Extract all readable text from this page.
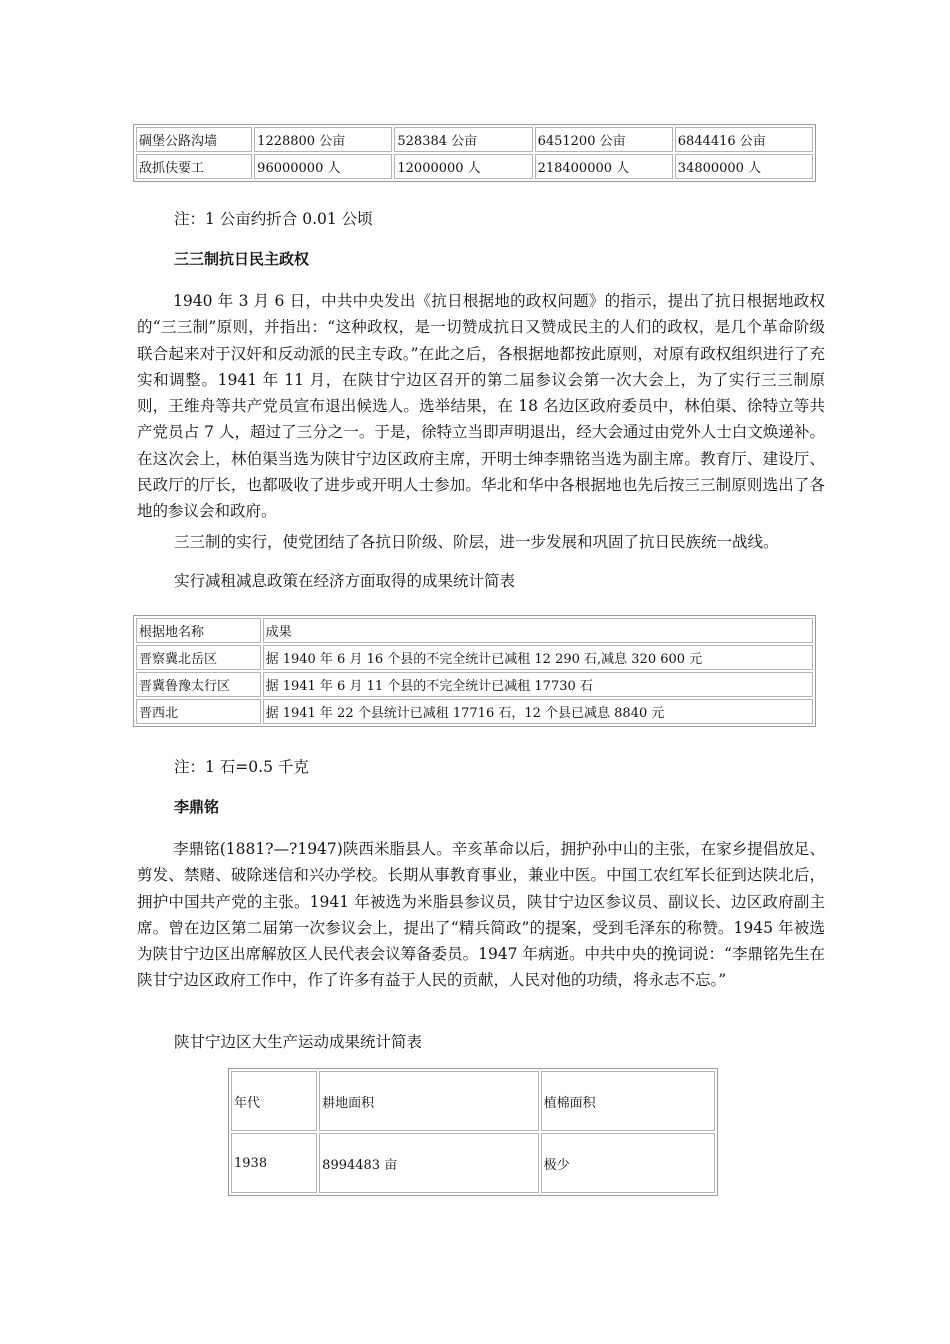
碉堡公路沟墙	1228800 公亩	528384 公亩	6451200 公亩	6844416 公亩
敌抓伕要工	96000000 人	12000000 人	218400000 人	34800000 人
注：1 公亩约折合 0.01 公顷
三三制抗日民主政权

1940 年 3 月 6 日，中共中央发出《抗日根据地的政权问题》的指示，提出了抗日根据地政权的“三三制”原则，并指出：“这种政权，是一切赞成抗日又赞成民主的人们的政权，是几个革命阶级联合起来对于汉奸和反动派的民主专政。”在此之后，各根据地都按此原则，对原有政权组织进行了充实和调整。1941 年 11 月，在陕甘宁边区召开的第二届参议会第一次大会上，为了实行三三制原则，王维舟等共产党员宣布退出候选人。选举结果，在 18 名边区政府委员中，林伯渠、徐特立等共产党员占 7 人，超过了三分之一。于是，徐特立当即声明退出，经大会通过由党外人士白文焕递补。在这次会上，林伯渠当选为陕甘宁边区政府主席，开明士绅李鼎铭当选为副主席。教育厅、建设厅、民政厅的厅长，也都吸收了进步或开明人士参加。华北和华中各根据地也先后按三三制原则选出了各地的参议会和政府。

三三制的实行，使党团结了各抗日阶级、阶层，进一步发展和巩固了抗日民族统一战线。
实行减租减息政策在经济方面取得的成果统计简表
根据地名称	成果
晋察冀北岳区	据 1940 年 6 月 16 个县的不完全统计已减租 12 290 石,减息 320 600 元
晋冀鲁豫太行区	据 1941 年 6 月 11 个县的不完全统计已减租 17730 石
晋西北	据 1941 年 22 个县统计已减租 17716 石，12 个县已减息 8840 元
注：1 石=0.5 千克
李鼎铭

李鼎铭(1881?—?1947)陕西米脂县人。辛亥革命以后，拥护孙中山的主张，在家乡提倡放足、剪发、禁赌、破除迷信和兴办学校。长期从事教育事业，兼业中医。中国工农红军长征到达陕北后，拥护中国共产党的主张。1941 年被选为米脂县参议员，陕甘宁边区参议员、副议长、边区政府副主席。曾在边区第二届第一次参议会上，提出了“精兵简政”的提案，受到毛泽东的称赞。1945 年被选为陕甘宁边区出席解放区人民代表会议筹备委员。1947 年病逝。中共中央的挽词说：“李鼎铭先生在陕甘宁边区政府工作中，作了许多有益于人民的贡献，人民对他的功绩，将永志不忘。”

陕甘宁边区大生产运动成果统计简表
年代	耕地面积	植棉面积
1938	8994483 亩	极少
